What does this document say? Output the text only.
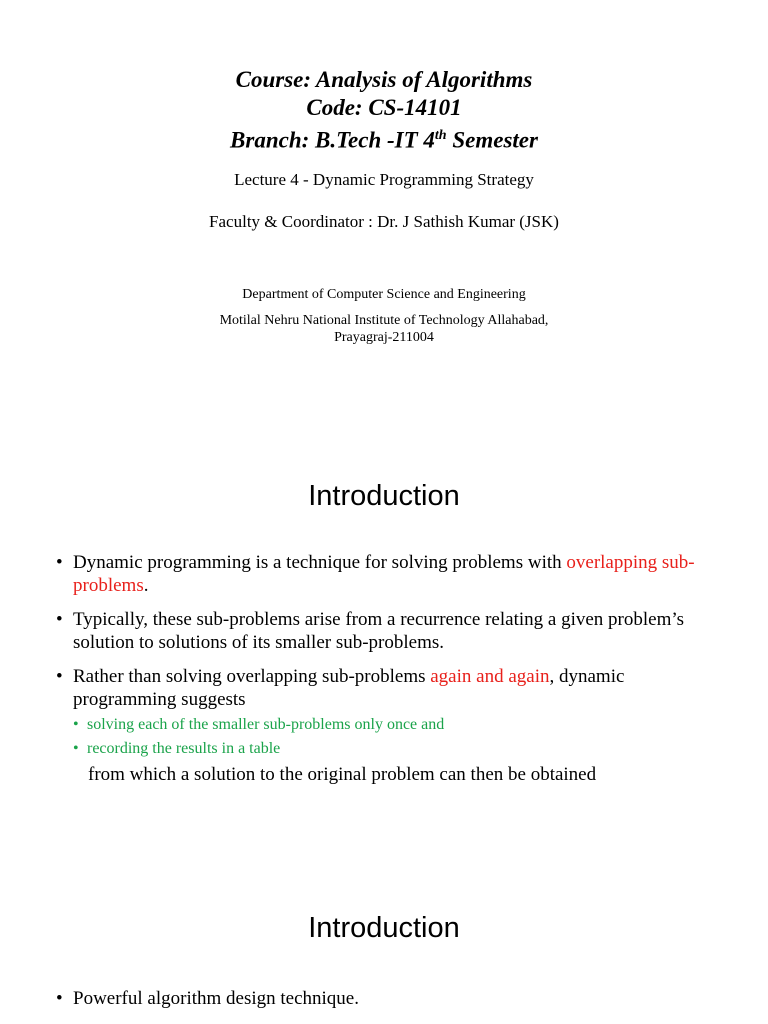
Course: Analysis of Algorithms
Code: CS-14101
Branch: B.Tech -IT 4th Semester
Lecture 4 - Dynamic Programming Strategy
Faculty & Coordinator : Dr. J Sathish Kumar (JSK)
Department of Computer Science and Engineering
Motilal Nehru National Institute of Technology Allahabad,
Prayagraj-211004
Introduction
• Dynamic programming is a technique for solving problems with overlapping sub-problems.
• Typically, these sub-problems arise from a recurrence relating a given problem’s solution to solutions of its smaller sub-problems.
• Rather than solving overlapping sub-problems again and again, dynamic programming suggests
• solving each of the smaller sub-problems only once and
• recording the results in a table
from which a solution to the original problem can then be obtained
Introduction
• Powerful algorithm design technique.
